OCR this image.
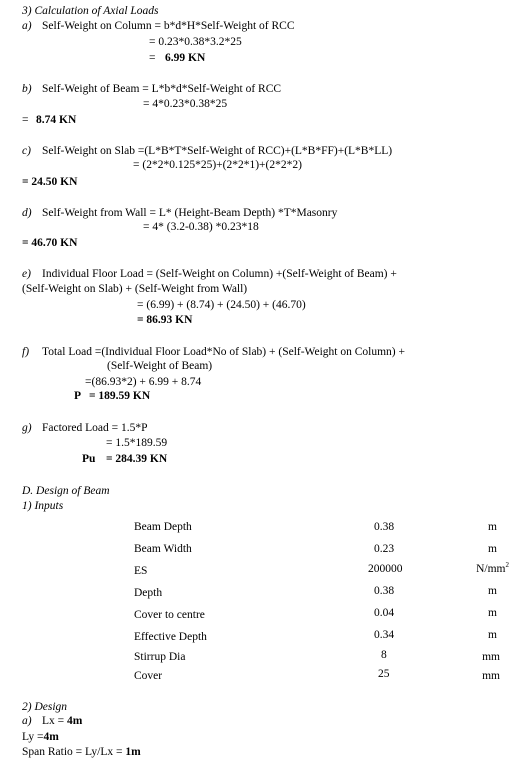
3) Calculation of Axial Loads
a) Self-Weight on Column = b*d*H*Self-Weight of RCC
= 0.23*0.38*3.2*25
= 6.99 KN
b) Self-Weight of Beam = L*b*d*Self-Weight of RCC
= 4*0.23*0.38*25
= 8.74 KN
c) Self-Weight on Slab =(L*B*T*Self-Weight of RCC)+(L*B*FF)+(L*B*LL)
= (2*2*0.125*25)+(2*2*1)+(2*2*2)
= 24.50 KN
d) Self-Weight from Wall = L* (Height-Beam Depth) *T*Masonry
= 4* (3.2-0.38) *0.23*18
= 46.70 KN
e) Individual Floor Load = (Self-Weight on Column) +(Self-Weight of Beam) +
(Self-Weight on Slab) + (Self-Weight from Wall)
= (6.99) + (8.74) + (24.50) + (46.70)
= 86.93 KN
f) Total Load =(Individual Floor Load*No of Slab) + (Self-Weight on Column) +
(Self-Weight of Beam)
=(86.93*2) + 6.99 + 8.74
P = 189.59 KN
g) Factored Load = 1.5*P
= 1.5*189.59
Pu = 284.39 KN
D. Design of Beam
1) Inputs
Beam Depth	0.38	m
Beam Width	0.23	m
ES	200000	$N/mm^2$
Depth	0.38	m
Cover to centre	0.04	m
Effective Depth	0.34	m
Stirrup Dia	8	mm
Cover	25	mm
2) Design
a) Lx = 4m
Ly =4m
Span Ratio = Ly/Lx = 1m
